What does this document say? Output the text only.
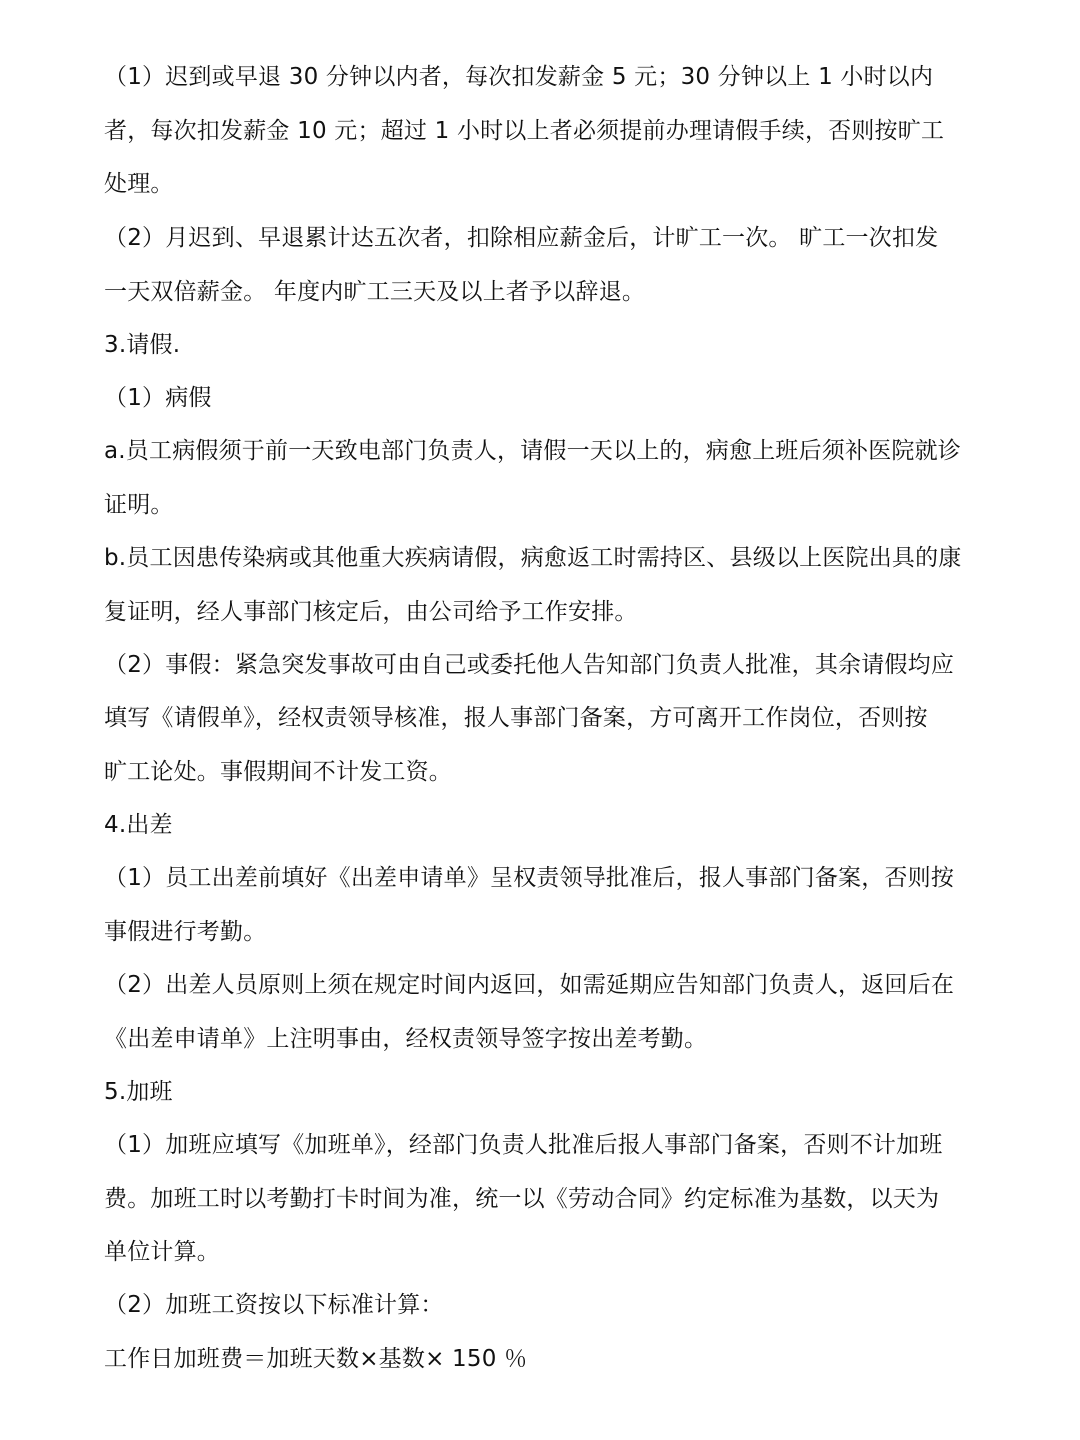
（1）迟到或早退 30 分钟以内者，每次扣发薪金 5 元；30 分钟以上 1 小时以内
者，每次扣发薪金 10 元；超过 1 小时以上者必须提前办理请假手续，否则按旷工
处理。
（2）月迟到、早退累计达五次者，扣除相应薪金后，计旷工一次。 旷工一次扣发
一天双倍薪金。 年度内旷工三天及以上者予以辞退。
3.请假.
（1）病假
a.员工病假须于前一天致电部门负责人，请假一天以上的，病愈上班后须补医院就诊
证明。
b.员工因患传染病或其他重大疾病请假，病愈返工时需持区、县级以上医院出具的康
复证明，经人事部门核定后，由公司给予工作安排。
（2）事假：紧急突发事故可由自己或委托他人告知部门负责人批准，其余请假均应
填写《请假单》，经权责领导核准，报人事部门备案，方可离开工作岗位，否则按
旷工论处。事假期间不计发工资。
4.出差
（1）员工出差前填好《出差申请单》呈权责领导批准后，报人事部门备案，否则按
事假进行考勤。
（2）出差人员原则上须在规定时间内返回，如需延期应告知部门负责人，返回后在
《出差申请单》上注明事由，经权责领导签字按出差考勤。
5.加班
（1）加班应填写《加班单》，经部门负责人批准后报人事部门备案，否则不计加班
费。加班工时以考勤打卡时间为准，统一以《劳动合同》约定标准为基数，以天为
单位计算。
（2）加班工资按以下标准计算：
工作日加班费＝加班天数×基数× 150 ％
